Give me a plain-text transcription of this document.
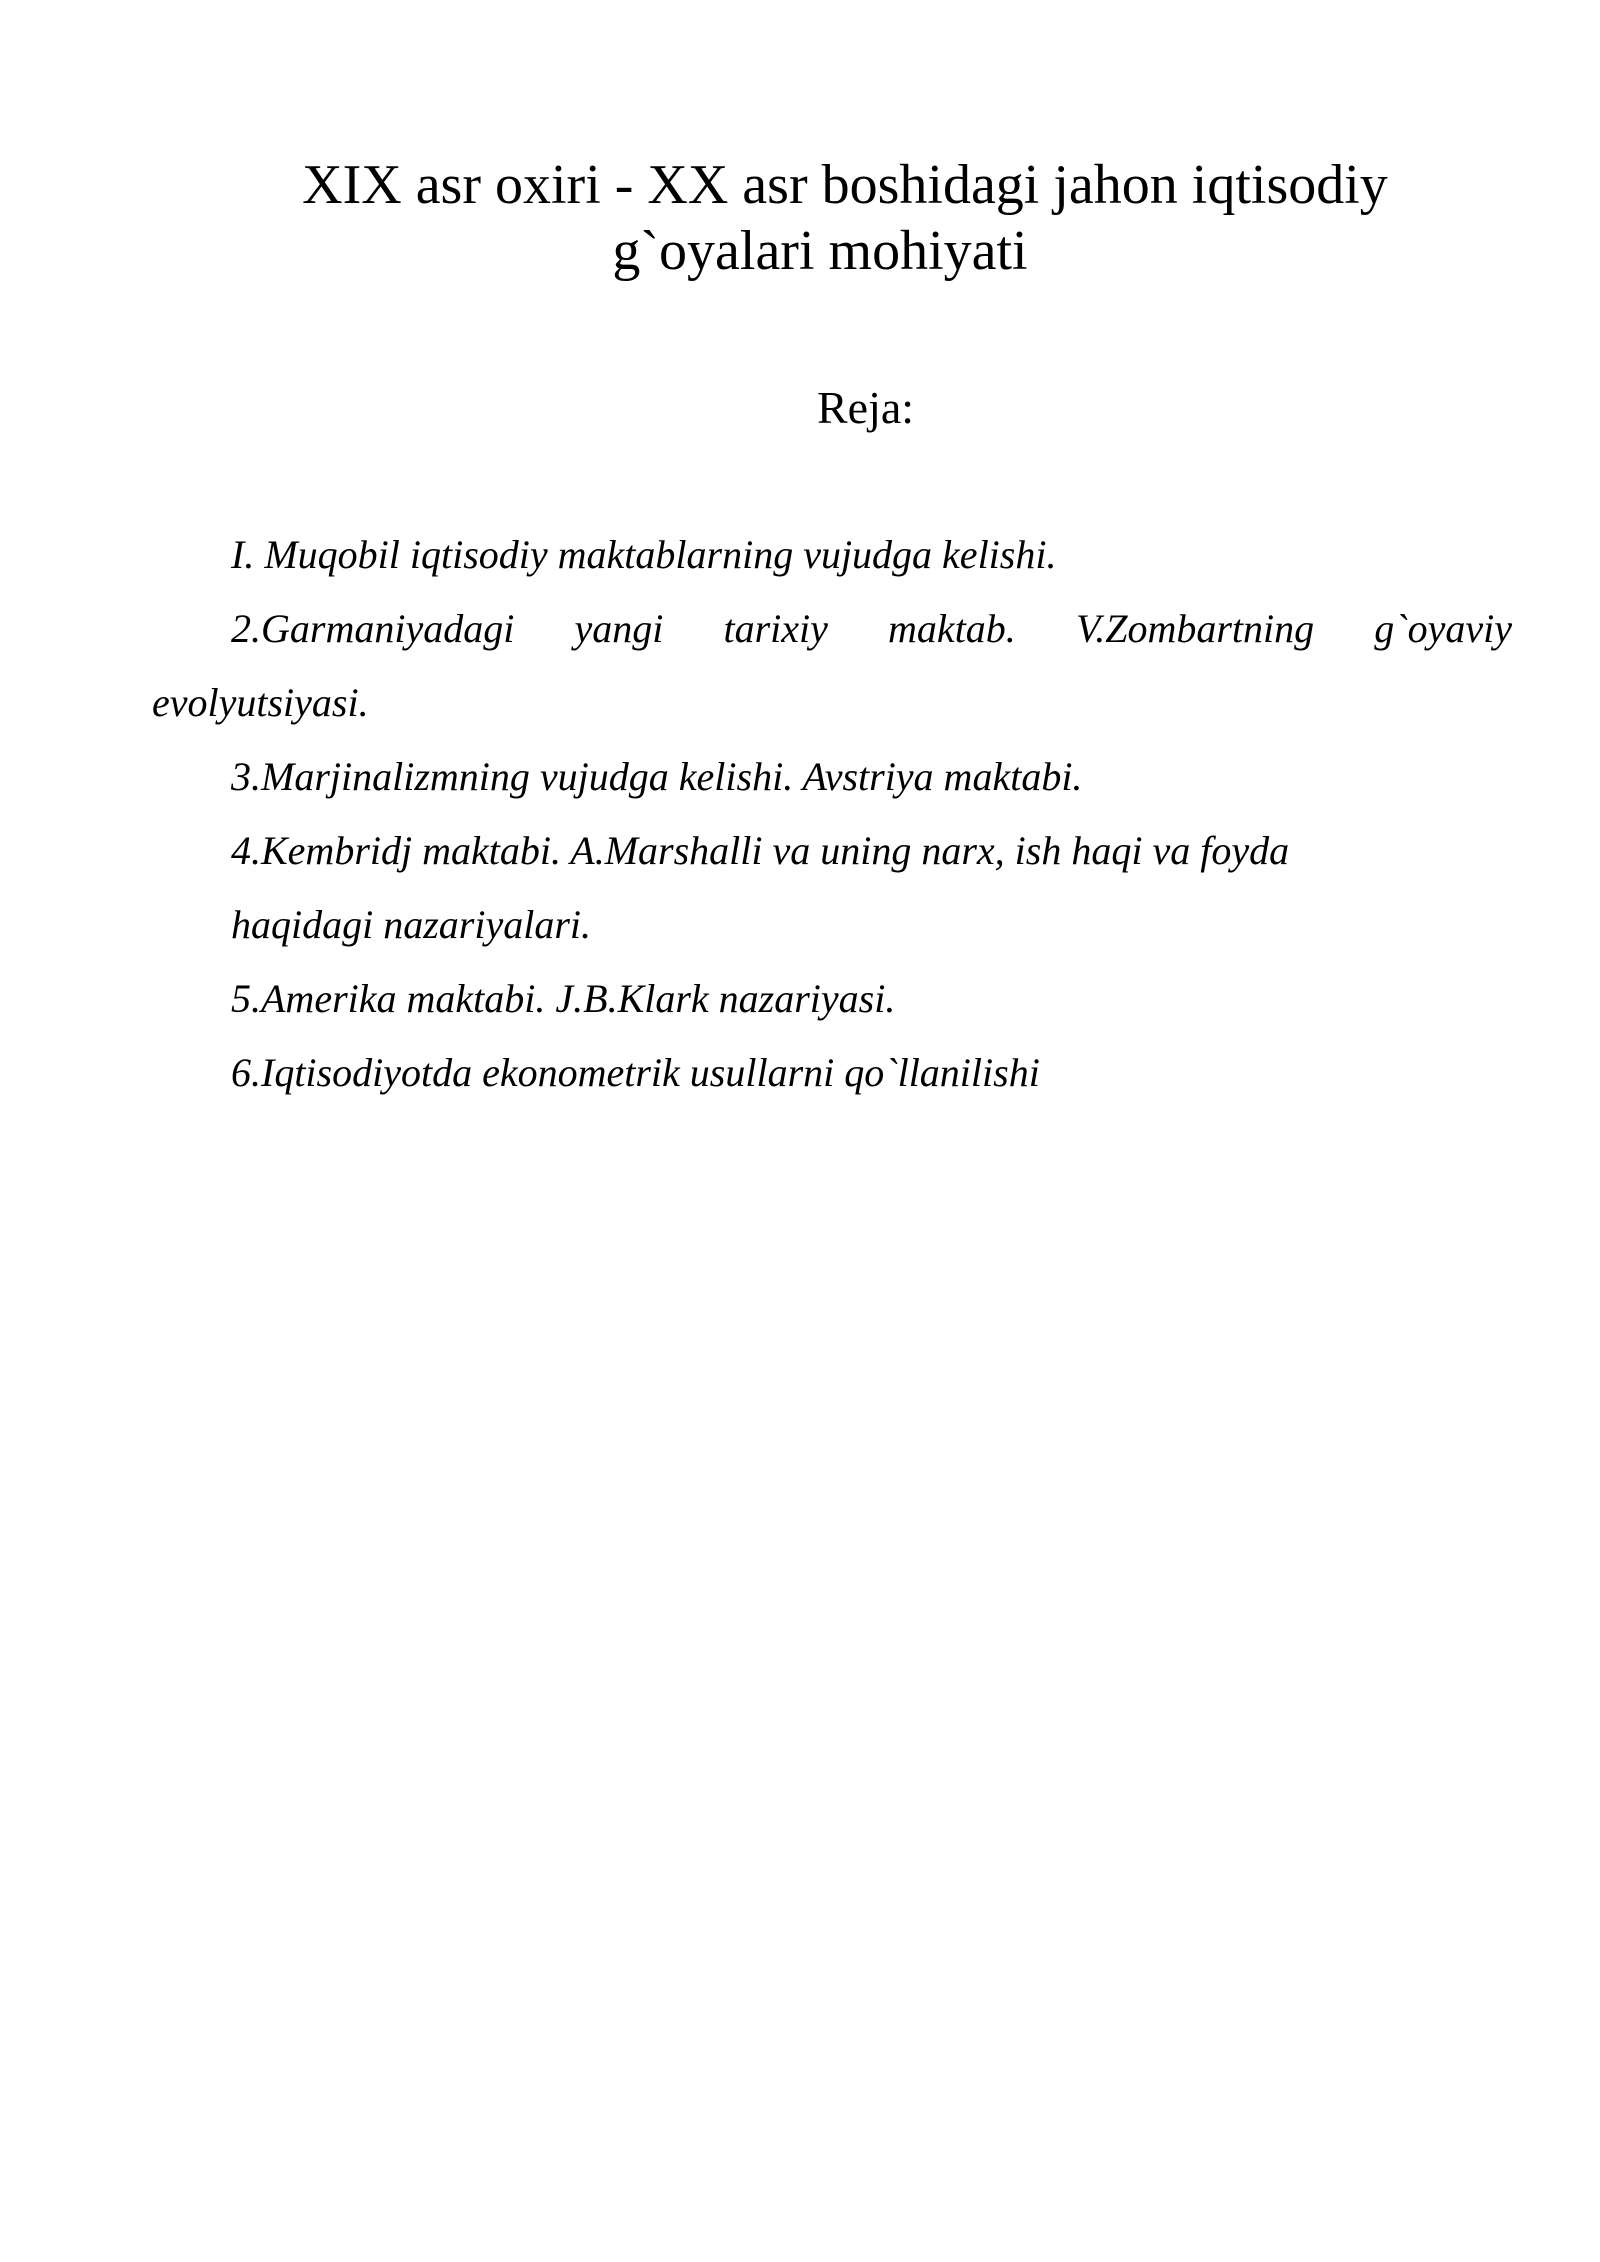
XIX asr oxiri - XX asr boshidagi jahon iqtisodiy
g`oyalari mohiyati
Reja:
I. Muqobil iqtisodiy maktablarning vujudga kelishi.
2.Garmaniyadagi yangi tarixiy maktab. V.Zombartning g`oyaviy
evolyutsiyasi.
3.Marjinalizmning vujudga kelishi. Avstriya maktabi.
4.Kembridj maktabi. A.Marshalli va uning narx, ish haqi va foyda
haqidagi nazariyalari.
5.Amerika maktabi. J.B.Klark nazariyasi.
6.Iqtisodiyotda ekonometrik usullarni qo`llanilishi
